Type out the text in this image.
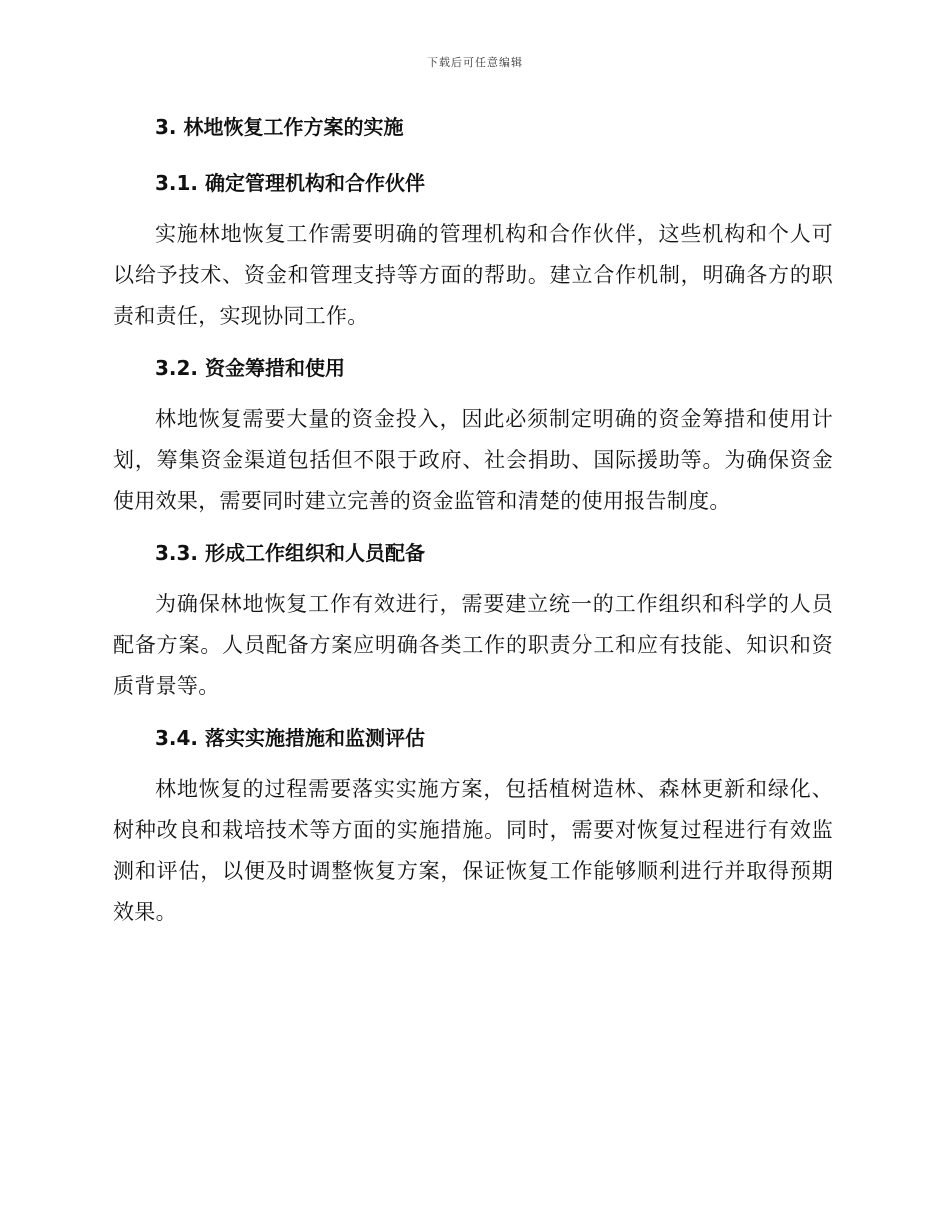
下载后可任意编辑
3. 林地恢复工作方案的实施
3.1. 确定管理机构和合作伙伴

实施林地恢复工作需要明确的管理机构和合作伙伴，这些机构和个人可以给予技术、资金和管理支持等方面的帮助。建立合作机制，明确各方的职责和责任，实现协同工作。

3.2. 资金筹措和使用

林地恢复需要大量的资金投入，因此必须制定明确的资金筹措和使用计划，筹集资金渠道包括但不限于政府、社会捐助、国际援助等。为确保资金使用效果，需要同时建立完善的资金监管和清楚的使用报告制度。

3.3. 形成工作组织和人员配备

为确保林地恢复工作有效进行，需要建立统一的工作组织和科学的人员配备方案。人员配备方案应明确各类工作的职责分工和应有技能、知识和资质背景等。

3.4. 落实实施措施和监测评估

林地恢复的过程需要落实实施方案，包括植树造林、森林更新和绿化、树种改良和栽培技术等方面的实施措施。同时，需要对恢复过程进行有效监测和评估，以便及时调整恢复方案，保证恢复工作能够顺利进行并取得预期效果。
